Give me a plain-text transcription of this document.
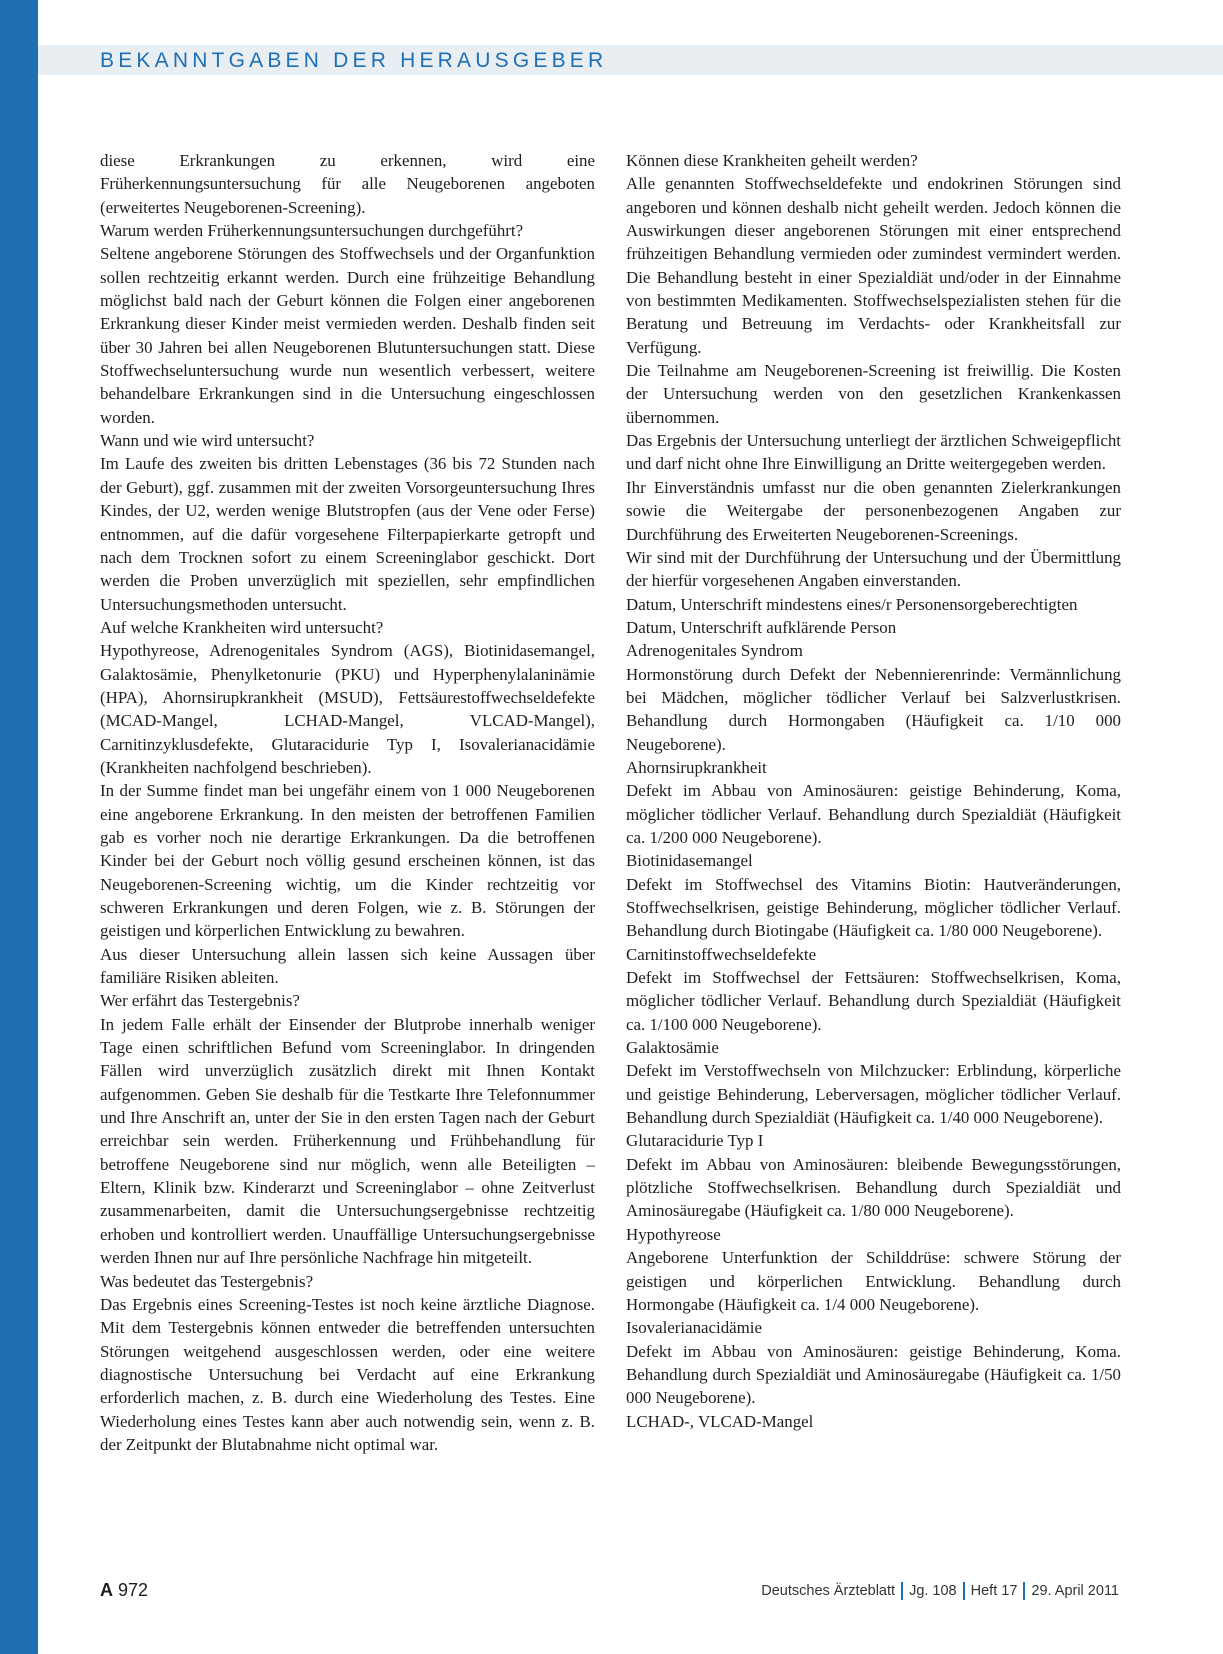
BEKANNTGABEN DER HERAUSGEBER

diese Erkrankungen zu erkennen, wird eine Früherkennungsuntersuchung für alle Neugeborenen angeboten (erweitertes Neugeborenen-Screening).

Warum werden Früherkennungsuntersuchungen durchgeführt?

Seltene angeborene Störungen des Stoffwechsels und der Organfunktion sollen rechtzeitig erkannt werden. Durch eine frühzeitige Behandlung möglichst bald nach der Geburt können die Folgen einer angeborenen Erkrankung dieser Kinder meist vermieden werden. Deshalb finden seit über 30 Jahren bei allen Neugeborenen Blutuntersuchungen statt. Diese Stoffwechseluntersuchung wurde nun wesentlich verbessert, weitere behandelbare Erkrankungen sind in die Untersuchung eingeschlossen worden.

Wann und wie wird untersucht?

Im Laufe des zweiten bis dritten Lebenstages (36 bis 72 Stunden nach der Geburt), ggf. zusammen mit der zweiten Vorsorgeuntersuchung Ihres Kindes, der U2, werden wenige Blutstropfen (aus der Vene oder Ferse) entnommen, auf die dafür vorgesehene Filterpapierkarte getropft und nach dem Trocknen sofort zu einem Screeninglabor geschickt. Dort werden die Proben unverzüglich mit speziellen, sehr empfindlichen Untersuchungsmethoden untersucht.

Auf welche Krankheiten wird untersucht?

Hypothyreose, Adrenogenitales Syndrom (AGS), Biotinidasemangel, Galaktosämie, Phenylketonurie (PKU) und Hyperphenylalaninämie (HPA), Ahornsirupkrankheit (MSUD), Fettsäurestoffwechseldefekte (MCAD-Mangel, LCHAD-Mangel, VLCAD-Mangel), Carnitinzyklusdefekte, Glutaracidurie Typ I, Isovalerianacidämie (Krankheiten nachfolgend beschrieben).

In der Summe findet man bei ungefähr einem von 1 000 Neugeborenen eine angeborene Erkrankung. In den meisten der betroffenen Familien gab es vorher noch nie derartige Erkrankungen. Da die betroffenen Kinder bei der Geburt noch völlig gesund erscheinen können, ist das Neugeborenen-Screening wichtig, um die Kinder rechtzeitig vor schweren Erkrankungen und deren Folgen, wie z. B. Störungen der geistigen und körperlichen Entwicklung zu bewahren.

Aus dieser Untersuchung allein lassen sich keine Aussagen über familiäre Risiken ableiten.

Wer erfährt das Testergebnis?

In jedem Falle erhält der Einsender der Blutprobe innerhalb weniger Tage einen schriftlichen Befund vom Screeninglabor. In dringenden Fällen wird unverzüglich zusätzlich direkt mit Ihnen Kontakt aufgenommen. Geben Sie deshalb für die Testkarte Ihre Telefonnummer und Ihre Anschrift an, unter der Sie in den ersten Tagen nach der Geburt erreichbar sein werden. Früherkennung und Frühbehandlung für betroffene Neugeborene sind nur möglich, wenn alle Beteiligten – Eltern, Klinik bzw. Kinderarzt und Screeninglabor – ohne Zeitverlust zusammenarbeiten, damit die Untersuchungsergebnisse rechtzeitig erhoben und kontrolliert werden. Unauffällige Untersuchungsergebnisse werden Ihnen nur auf Ihre persönliche Nachfrage hin mitgeteilt.

Was bedeutet das Testergebnis?

Das Ergebnis eines Screening-Testes ist noch keine ärztliche Diagnose. Mit dem Testergebnis können entweder die betreffenden untersuchten Störungen weitgehend ausgeschlossen werden, oder eine weitere diagnostische Untersuchung bei Verdacht auf eine Erkrankung erforderlich machen, z. B. durch eine Wiederholung des Testes. Eine Wiederholung eines Testes kann aber auch notwendig sein, wenn z. B. der Zeitpunkt der Blutabnahme nicht optimal war.

Können diese Krankheiten geheilt werden?

Alle genannten Stoffwechseldefekte und endokrinen Störungen sind angeboren und können deshalb nicht geheilt werden. Jedoch können die Auswirkungen dieser angeborenen Störungen mit einer entsprechend frühzeitigen Behandlung vermieden oder zumindest vermindert werden. Die Behandlung besteht in einer Spezialdiät und/oder in der Einnahme von bestimmten Medikamenten. Stoffwechselspezialisten stehen für die Beratung und Betreuung im Verdachts- oder Krankheitsfall zur Verfügung.

Die Teilnahme am Neugeborenen-Screening ist freiwillig. Die Kosten der Untersuchung werden von den gesetzlichen Krankenkassen übernommen.

Das Ergebnis der Untersuchung unterliegt der ärztlichen Schweigepflicht und darf nicht ohne Ihre Einwilligung an Dritte weitergegeben werden.

Ihr Einverständnis umfasst nur die oben genannten Zielerkrankungen sowie die Weitergabe der personenbezogenen Angaben zur Durchführung des Erweiterten Neugeborenen-Screenings.

Wir sind mit der Durchführung der Untersuchung und der Übermittlung der hierfür vorgesehenen Angaben einverstanden.

Datum, Unterschrift mindestens eines/r Personensorgeberechtigten

Datum, Unterschrift aufklärende Person

Adrenogenitales Syndrom

Hormonstörung durch Defekt der Nebennierenrinde: Vermännlichung bei Mädchen, möglicher tödlicher Verlauf bei Salzverlustkrisen. Behandlung durch Hormongaben (Häufigkeit ca. 1/10 000 Neugeborene).

Ahornsirupkrankheit

Defekt im Abbau von Aminosäuren: geistige Behinderung, Koma, möglicher tödlicher Verlauf. Behandlung durch Spezialdiät (Häufigkeit ca. 1/200 000 Neugeborene).

Biotinidasemangel

Defekt im Stoffwechsel des Vitamins Biotin: Hautveränderungen, Stoffwechselkrisen, geistige Behinderung, möglicher tödlicher Verlauf. Behandlung durch Biotingabe (Häufigkeit ca. 1/80 000 Neugeborene).

Carnitinstoffwechseldefekte

Defekt im Stoffwechsel der Fettsäuren: Stoffwechselkrisen, Koma, möglicher tödlicher Verlauf. Behandlung durch Spezialdiät (Häufigkeit ca. 1/100 000 Neugeborene).

Galaktosämie

Defekt im Verstoffwechseln von Milchzucker: Erblindung, körperliche und geistige Behinderung, Leberversagen, möglicher tödlicher Verlauf. Behandlung durch Spezialdiät (Häufigkeit ca. 1/40 000 Neugeborene).

Glutaracidurie Typ I

Defekt im Abbau von Aminosäuren: bleibende Bewegungsstörungen, plötzliche Stoffwechselkrisen. Behandlung durch Spezialdiät und Aminosäuregabe (Häufigkeit ca. 1/80 000 Neugeborene).

Hypothyreose

Angeborene Unterfunktion der Schilddrüse: schwere Störung der geistigen und körperlichen Entwicklung. Behandlung durch Hormongabe (Häufigkeit ca. 1/4 000 Neugeborene).

Isovalerianacidämie

Defekt im Abbau von Aminosäuren: geistige Behinderung, Koma. Behandlung durch Spezialdiät und Aminosäuregabe (Häufigkeit ca. 1/50 000 Neugeborene).

LCHAD-, VLCAD-Mangel

A 972	Deutsches Ärzteblatt Jg. 108 Heft 17 29. April 2011
